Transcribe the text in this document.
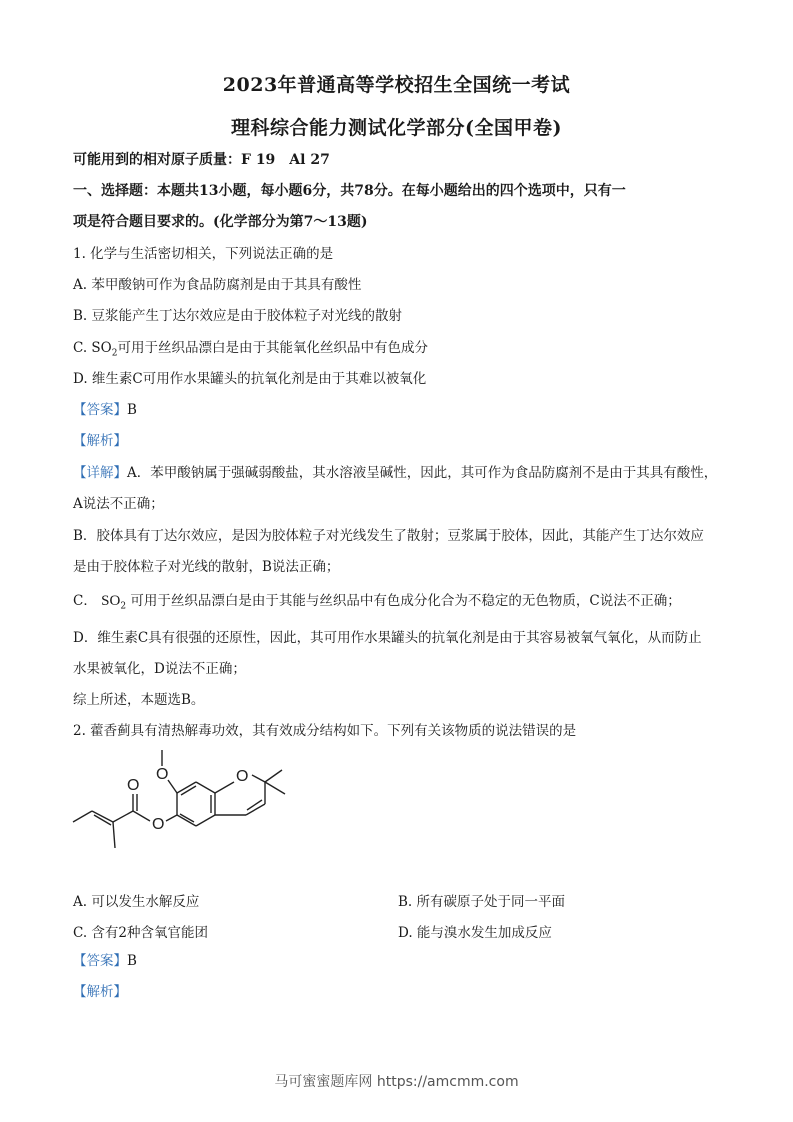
2023年普通高等学校招生全国统一考试
理科综合能力测试化学部分(全国甲卷)
可能用到的相对原子质量：F 19　Al 27
一、选择题：本题共13小题，每小题6分，共78分。在每小题给出的四个选项中，只有一
项是符合题目要求的。(化学部分为第7～13题)
1. 化学与生活密切相关，下列说法正确的是
A. 苯甲酸钠可作为食品防腐剂是由于其具有酸性
B. 豆浆能产生丁达尔效应是由于胶体粒子对光线的散射
C. $SO_2$可用于丝织品漂白是由于其能氧化丝织品中有色成分
D. 维生素C可用作水果罐头的抗氧化剂是由于其难以被氧化
【答案】B
【解析】
【详解】A．苯甲酸钠属于强碱弱酸盐，其水溶液呈碱性，因此，其可作为食品防腐剂不是由于其具有酸性，
A说法不正确；
B．胶体具有丁达尔效应，是因为胶体粒子对光线发生了散射；豆浆属于胶体，因此，其能产生丁达尔效应
是由于胶体粒子对光线的散射，B说法正确；
C． $SO_2$ 可用于丝织品漂白是由于其能与丝织品中有色成分化合为不稳定的无色物质，C说法不正确；
D．维生素C具有很强的还原性，因此，其可用作水果罐头的抗氧化剂是由于其容易被氧气氧化，从而防止
水果被氧化，D说法不正确；
综上所述，本题选B。
2. 藿香蓟具有清热解毒功效，其有效成分结构如下。下列有关该物质的说法错误的是
O
O
O	O
A. 可以发生水解反应	B. 所有碳原子处于同一平面
C. 含有2种含氧官能团	D. 能与溴水发生加成反应
【答案】B
【解析】
马可蜜蜜题库网 https://amcmm.com
